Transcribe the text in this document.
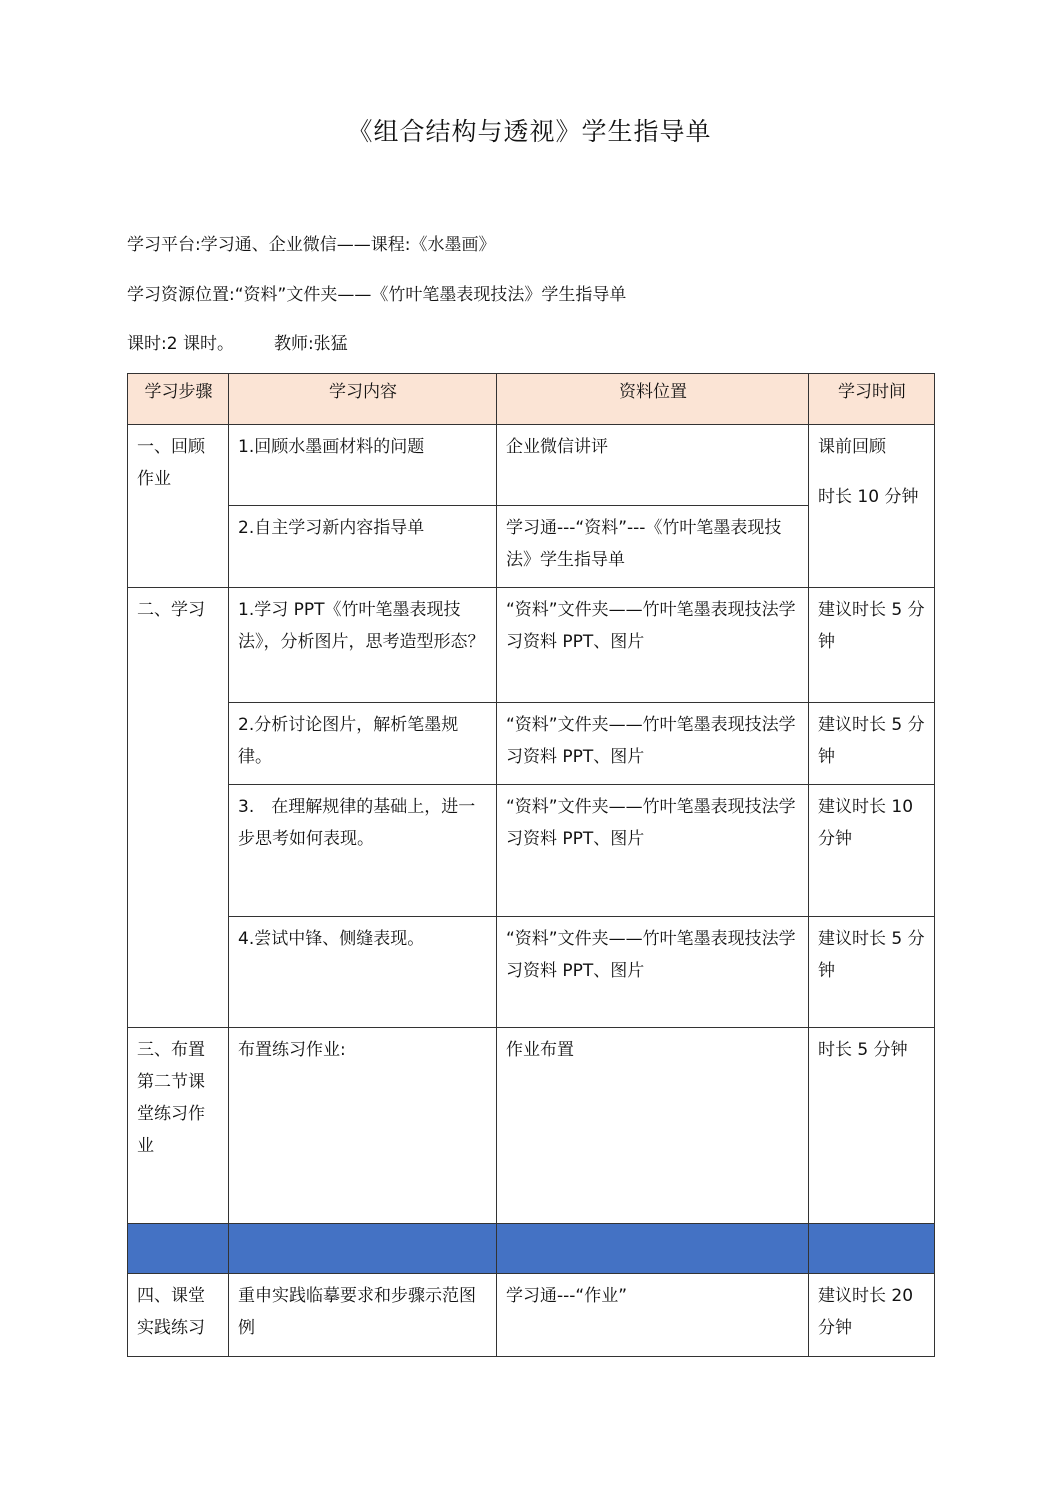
《组合结构与透视》学生指导单
学习平台:学习通、企业微信——课程:《水墨画》
学习资源位置:“资料”文件夹——《竹叶笔墨表现技法》学生指导单
课时:2 课时。 教师:张猛
学习步骤	学习内容	资料位置	学习时间
一、回顾作业	1.回顾水墨画材料的问题	企业微信讲评	课前回顾
时长 10 分钟

	2.自主学习新内容指导单	学习通---“资料”---《竹叶笔墨表现技法》学生指导单	
二、学习	1.学习 PPT《竹叶笔墨表现技法》，分析图片，思考造型形态？	“资料”文件夹——竹叶笔墨表现技法学习资料 PPT、图片	建议时长 5 分钟
	2.分析讨论图片，解析笔墨规律。	“资料”文件夹——竹叶笔墨表现技法学习资料 PPT、图片	建议时长 5 分钟
	3.　在理解规律的基础上，进一步思考如何表现。	“资料”文件夹——竹叶笔墨表现技法学习资料 PPT、图片	建议时长 10 分钟
	4.尝试中锋、侧缝表现。	“资料”文件夹——竹叶笔墨表现技法学习资料 PPT、图片	建议时长 5 分钟
三、布置第二节课堂练习作业	布置练习作业:	作业布置	时长 5 分钟

四、课堂实践练习	重申实践临摹要求和步骤示范图例	学习通---“作业”	建议时长 20 分钟
